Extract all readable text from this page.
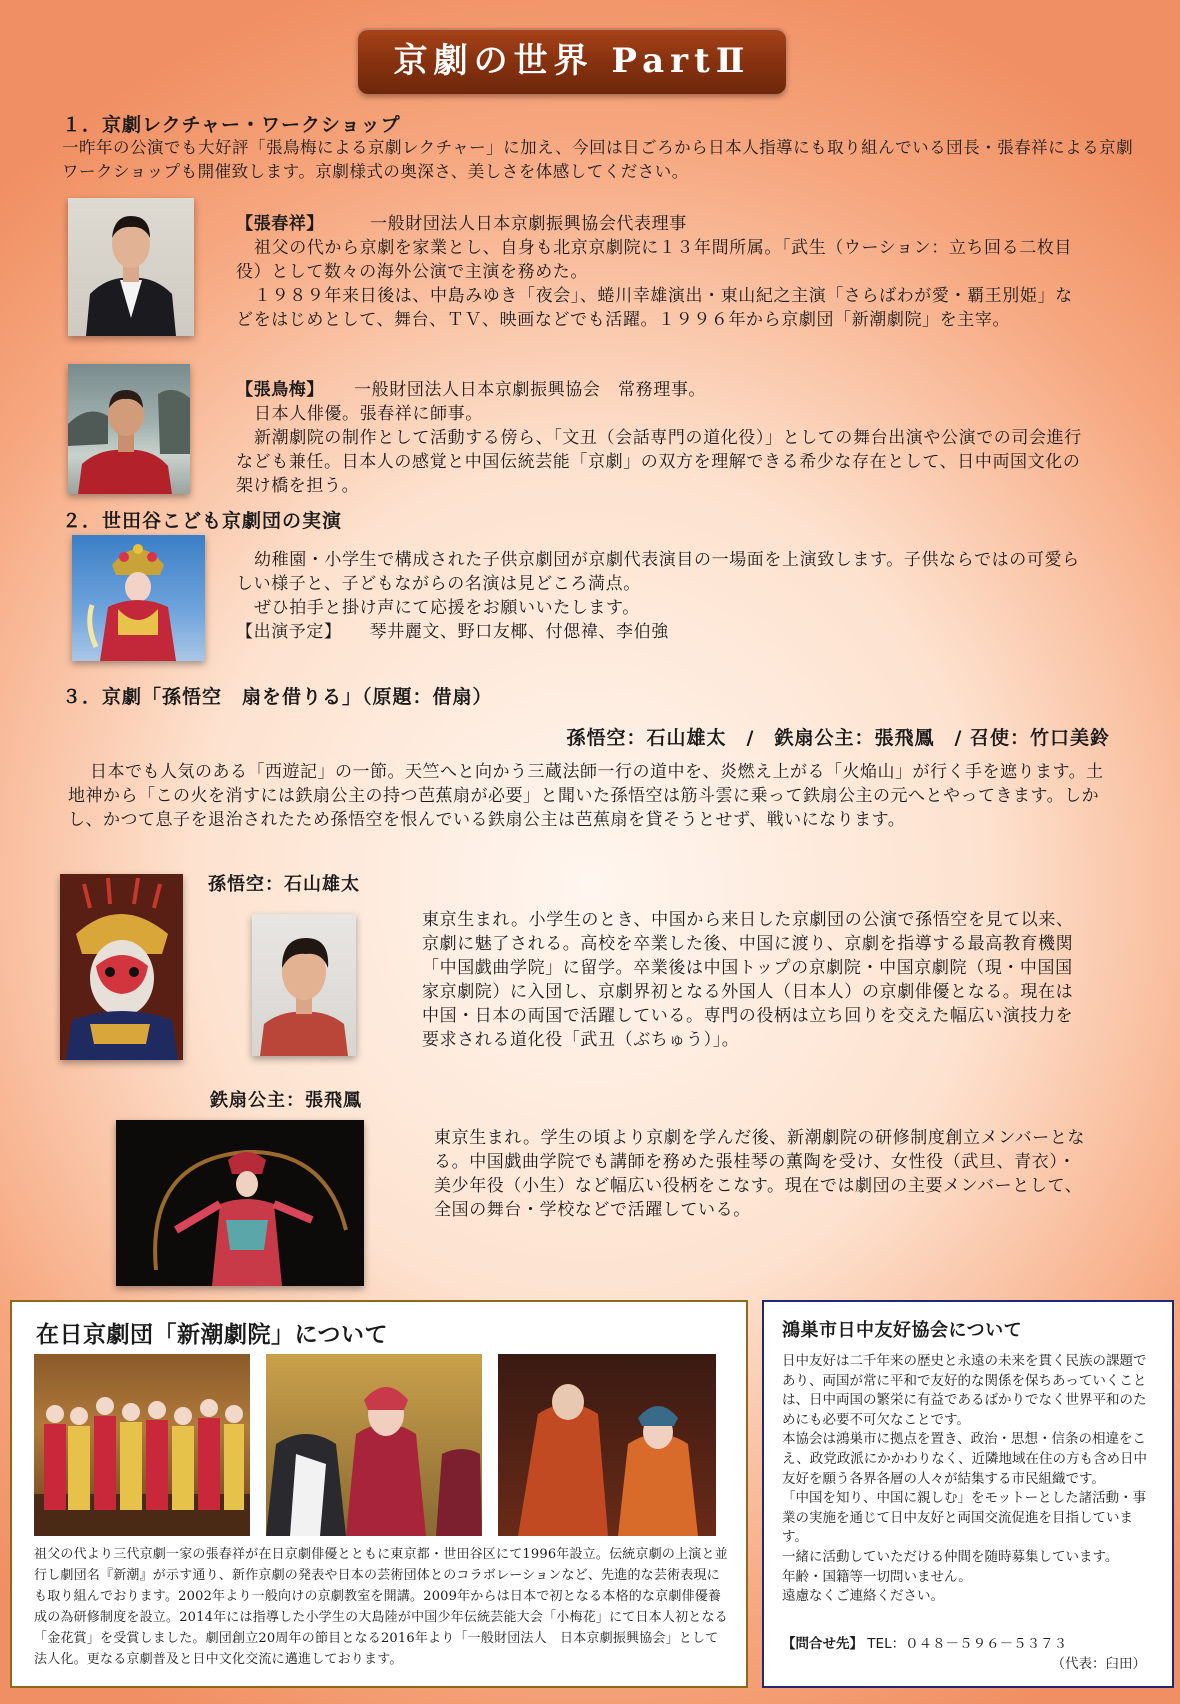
京劇の世界 PartⅡ
１．京劇レクチャー・ワークショップ
一昨年の公演でも大好評「張鳥梅による京劇レクチャー」に加え、今回は日ごろから日本人指導にも取り組んでいる団長・張春祥による京劇ワークショップも開催致します。京劇様式の奥深さ、美しさを体感してください。
【張春祥】	一般財団法人日本京劇振興協会代表理事
祖父の代から京劇を家業とし、自身も北京京劇院に１３年間所属。「武生（ウーション：立ち回る二枚目役）として数々の海外公演で主演を務めた。
１９８９年来日後は、中島みゆき「夜会」、蜷川幸雄演出・東山紀之主演「さらばわが愛・覇王別姫」などをはじめとして、舞台、ＴＶ、映画などでも活躍。１９９６年から京劇団「新潮劇院」を主宰。
【張鳥梅】 一般財団法人日本京劇振興協会　常務理事。
日本人俳優。張春祥に師事。
新潮劇院の制作として活動する傍ら、「文丑（会話専門の道化役）」としての舞台出演や公演での司会進行なども兼任。日本人の感覚と中国伝統芸能「京劇」の双方を理解できる希少な存在として、日中両国文化の架け橋を担う。
２．世田谷こども京劇団の実演
幼稚園・小学生で構成された子供京劇団が京劇代表演目の一場面を上演致します。子供ならではの可愛らしい様子と、子どもながらの名演は見どころ満点。
ぜひ拍手と掛け声にて応援をお願いいたします。
【出演予定】 琴井麗文、野口友椰、付偲禕、李伯強
３．京劇「孫悟空　扇を借りる」（原題：借扇）
孫悟空：石山雄太　/　鉄扇公主：張飛鳳　/ 召使：竹口美鈴
日本でも人気のある「西遊記」の一節。天竺へと向かう三蔵法師一行の道中を、炎燃え上がる「火焔山」が行く手を遮ります。土地神から「この火を消すには鉄扇公主の持つ芭蕉扇が必要」と聞いた孫悟空は筋斗雲に乗って鉄扇公主の元へとやってきます。しかし、かつて息子を退治されたため孫悟空を恨んでいる鉄扇公主は芭蕉扇を貸そうとせず、戦いになります。
孫悟空：石山雄太
東京生まれ。小学生のとき、中国から来日した京劇団の公演で孫悟空を見て以来、京劇に魅了される。高校を卒業した後、中国に渡り、京劇を指導する最高教育機関「中国戯曲学院」に留学。卒業後は中国トップの京劇院・中国京劇院（現・中国国家京劇院）に入団し、京劇界初となる外国人（日本人）の京劇俳優となる。現在は中国・日本の両国で活躍している。専門の役柄は立ち回りを交えた幅広い演技力を要求される道化役「武丑（ぶちゅう）」。
鉄扇公主：張飛鳳
東京生まれ。学生の頃より京劇を学んだ後、新潮劇院の研修制度創立メンバーとなる。中国戯曲学院でも講師を務めた張桂琴の薫陶を受け、女性役（武旦、青衣）・美少年役（小生）など幅広い役柄をこなす。現在では劇団の主要メンバーとして、全国の舞台・学校などで活躍している。
在日京劇団「新潮劇院」について
祖父の代より三代京劇一家の張春祥が在日京劇俳優とともに東京都・世田谷区にて1996年設立。伝統京劇の上演と並行し劇団名『新潮』が示す通り、新作京劇の発表や日本の芸術団体とのコラボレーションなど、先進的な芸術表現にも取り組んでおります。2002年より一般向けの京劇教室を開講。2009年からは日本で初となる本格的な京劇俳優養成の為研修制度を設立。2014年には指導した小学生の大島陸が中国少年伝統芸能大会「小梅花」にて日本人初となる「金花賞」を受賞しました。劇団創立20周年の節目となる2016年より「一般財団法人　日本京劇振興協会」として法人化。更なる京劇普及と日中文化交流に邁進しております。
鴻巣市日中友好協会について

日中友好は二千年来の歴史と永遠の未来を貫く民族の課題であり、両国が常に平和で友好的な関係を保ちあっていくことは、日中両国の繁栄に有益であるばかりでなく世界平和のためにも必要不可欠なことです。

本協会は鴻巣市に拠点を置き、政治・思想・信条の相違をこえ、政党政派にかかわりなく、近隣地域在住の方も含め日中友好を願う各界各層の人々が結集する市民組織です。

「中国を知り、中国に親しむ」をモットーとした諸活動・事業の実施を通じて日中友好と両国交流促進を目指しています。

一緒に活動していただける仲間を随時募集しています。

年齢・国籍等一切問いません。

遠慮なくご連絡ください。

【問合せ先】 TEL：０４８－５９６－５３７３
（代表：臼田）
